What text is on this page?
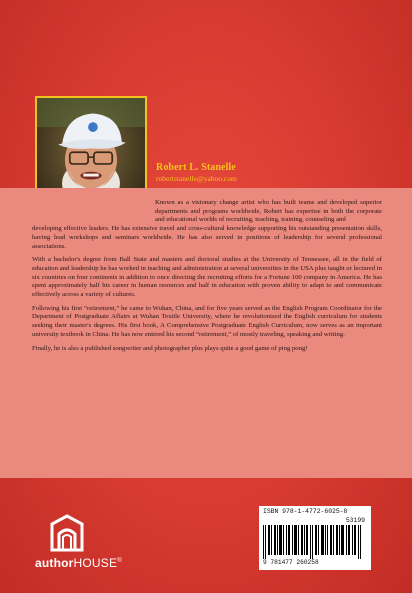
Robert L. Stanelle
robertstanelle@yahoo.com

Known as a visionary change artist who has built teams and developed superior departments and programs worldwide, Robert has expertise in both the corporate and educational worlds of recruiting, teaching, training, counseling and

developing effective leaders. He has extensive travel and cross-cultural knowledge supporting his outstanding presentation skills, having lead workshops and seminars worldwide. He has also served in positions of leadership for several professional associations.

With a bachelor's degree from Ball State and masters and doctoral studies at the University of Tennessee, all in the field of education and leadership he has worked in teaching and administration at several universities in the USA plus taught or lectured in six countries on four continents in addition to once directing the recruiting efforts for a Fortune 100 company in America. He has spent approximately half his career in human resources and half in education with proven ability to adapt to and communicate effectively across a variety of cultures.

Following his first “retirement,” he came to Wuhan, China, and for five years served as the English Program Coordinator for the Department of Postgraduate Affairs at Wuhan Textile University, where he revolutionized the English curriculum for students seeking their master's degrees. His first book, A Comprehensive Postgraduate English Curriculum, now serves as an important university textbook in China. He has now entered his second “retirement,” of mostly traveling, speaking and writing.

Finally, he is also a published songwriter and photographer plus plays quite a good game of ping pong!

authorHOUSE®
ISBN 978-1-4772-6025-8
53199
9 781477 260258
